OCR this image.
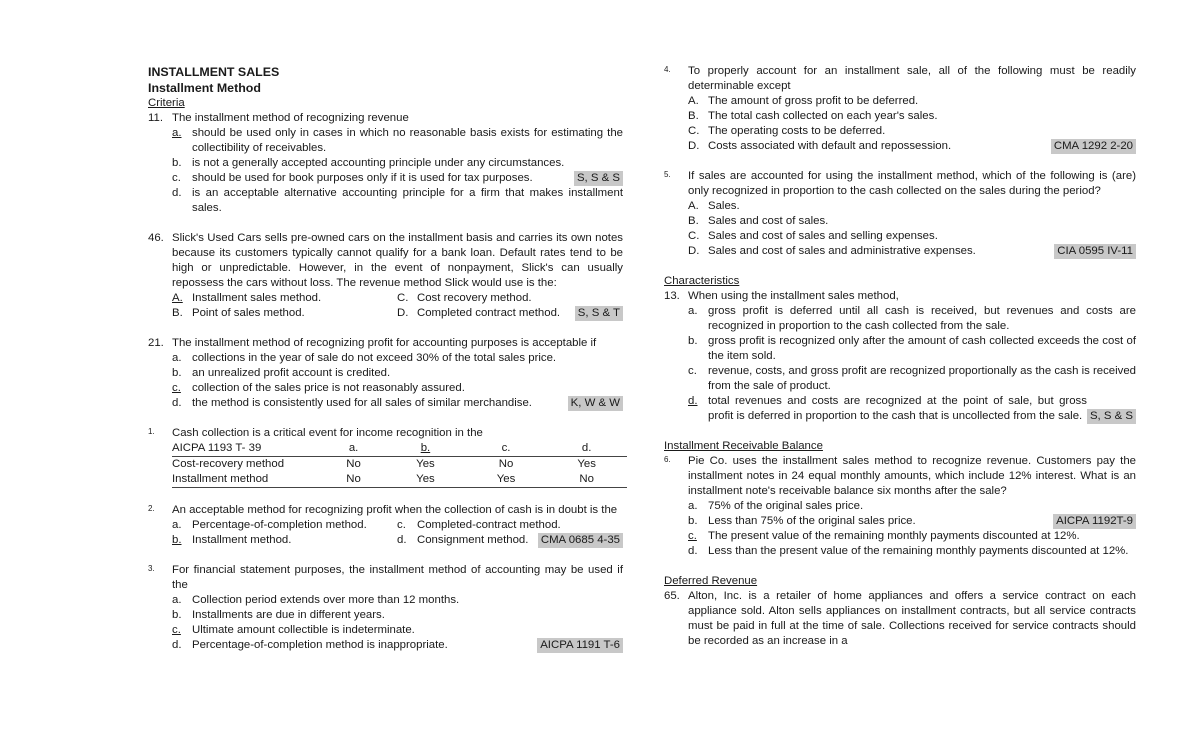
INSTALLMENT SALES
Installment Method
Criteria
11. The installment method of recognizing revenue
a. should be used only in cases in which no reasonable basis exists for estimating the collectibility of receivables.
b. is not a generally accepted accounting principle under any circumstances.
c. should be used for book purposes only if it is used for tax purposes.	S, S & S
d. is an acceptable alternative accounting principle for a firm that makes installment sales.
46. Slick's Used Cars sells pre-owned cars on the installment basis and carries its own notes because its customers typically cannot qualify for a bank loan. Default rates tend to be high or unpredictable. However, in the event of nonpayment, Slick's can usually repossess the cars without loss. The revenue method Slick would use is the:
A. Installment sales method.	C. Cost recovery method.
B. Point of sales method.	D. Completed contract method.	S, S & T
21. The installment method of recognizing profit for accounting purposes is acceptable if
a. collections in the year of sale do not exceed 30% of the total sales price.
b. an unrealized profit account is credited.
c. collection of the sales price is not reasonably assured.
d. the method is consistently used for all sales of similar merchandise.	K, W & W
1.	Cash collection is a critical event for income recognition in the
AICPA 1193 T- 39	a.	b.	c.	d.
Cost-recovery method	No	Yes	No	Yes
Installment method	No	Yes	Yes	No
2.	An acceptable method for recognizing profit when the collection of cash is in doubt is the
a. Percentage-of-completion method.	c. Completed-contract method.
b. Installment method.	d. Consignment method.	CMA 0685 4-35
3.	For financial statement purposes, the installment method of accounting may be used if the
a. Collection period extends over more than 12 months.
b. Installments are due in different years.
c. Ultimate amount collectible is indeterminate.
d. Percentage-of-completion method is inappropriate.	AICPA 1191 T-6
4.	To properly account for an installment sale, all of the following must be readily determinable except
A. The amount of gross profit to be deferred.
B. The total cash collected on each year's sales.
C. The operating costs to be deferred.
D. Costs associated with default and repossession.	CMA 1292 2-20
5.	If sales are accounted for using the installment method, which of the following is (are) only recognized in proportion to the cash collected on the sales during the period?
A. Sales.
B. Sales and cost of sales.
C. Sales and cost of sales and selling expenses.
D. Sales and cost of sales and administrative expenses.	CIA 0595 IV-11
Characteristics
13. When using the installment sales method,
a. gross profit is deferred until all cash is received, but revenues and costs are recognized in proportion to the cash collected from the sale.
b. gross profit is recognized only after the amount of cash collected exceeds the cost of the item sold.
c. revenue, costs, and gross profit are recognized proportionally as the cash is received from the sale of product.
d. total revenues and costs are recognized at the point of sale, but gross profit is deferred in proportion to the cash that is uncollected from the sale. S, S & S
Installment Receivable Balance
6.	Pie Co. uses the installment sales method to recognize revenue. Customers pay the installment notes in 24 equal monthly amounts, which include 12% interest. What is an installment note's receivable balance six months after the sale?
a. 75% of the original sales price.
b. Less than 75% of the original sales price.	AICPA 1192T-9
c. The present value of the remaining monthly payments discounted at 12%.
d. Less than the present value of the remaining monthly payments discounted at 12%.
Deferred Revenue
65. Alton, Inc. is a retailer of home appliances and offers a service contract on each appliance sold. Alton sells appliances on installment contracts, but all service contracts must be paid in full at the time of sale. Collections received for service contracts should be recorded as an increase in a
